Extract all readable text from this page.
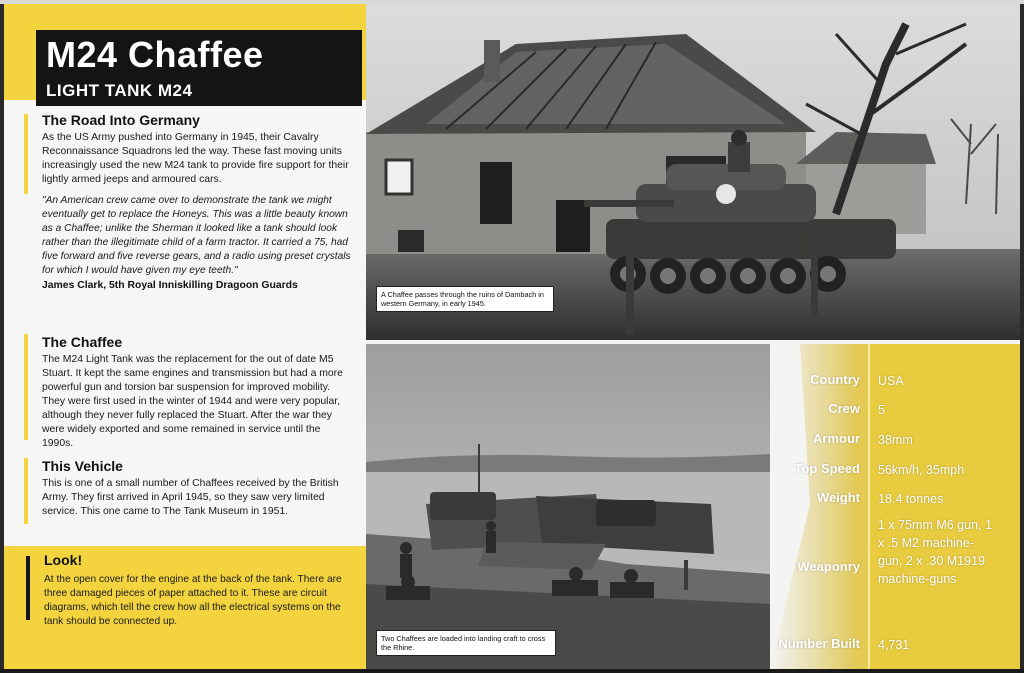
M24 Chaffee
LIGHT TANK M24
The Road Into Germany
As the US Army pushed into Germany in 1945, their Cavalry Reconnaissance Squadrons led the way. These fast moving units increasingly used the new M24 tank to provide fire support for their lightly armed jeeps and armoured cars.
"An American crew came over to demonstrate the tank we might eventually get to replace the Honeys. This was a little beauty known as a Chaffee; unlike the Sherman it looked like a tank should look rather than the illegitimate child of a farm tractor. It carried a 75, had five forward and five reverse gears, and a radio using preset crystals for which I would have given my eye teeth."
James Clark, 5th Royal Inniskilling Dragoon Guards
The Chaffee
The M24 Light Tank was the replacement for the out of date M5 Stuart. It kept the same engines and transmission but had a more powerful gun and torsion bar suspension for improved mobility. They were first used in the winter of 1944 and were very popular, although they never fully replaced the Stuart. After the war they were widely exported and some remained in service until the 1990s.
This Vehicle
This is one of a small number of Chaffees received by the British Army. They first arrived in April 1945, so they saw very limited service. This one came to The Tank Museum in 1951.
Look!
At the open cover for the engine at the back of the tank. There are three damaged pieces of paper attached to it. These are circuit diagrams, which tell the crew how all the electrical systems on the tank should be connected up.
A Chaffee passes through the ruins of Dambach in western Germany, in early 1945.
Two Chaffees are loaded into landing craft to cross the Rhine.
Country USA
Crew 5
Armour 38mm
Top Speed 56km/h, 35mph
Weight 18.4 tonnes
Weaponry
1 x 75mm M6 gun, 1 x .5 M2 machine-gun, 2 x .30 M1919 machine-guns
Number Built 4,731
